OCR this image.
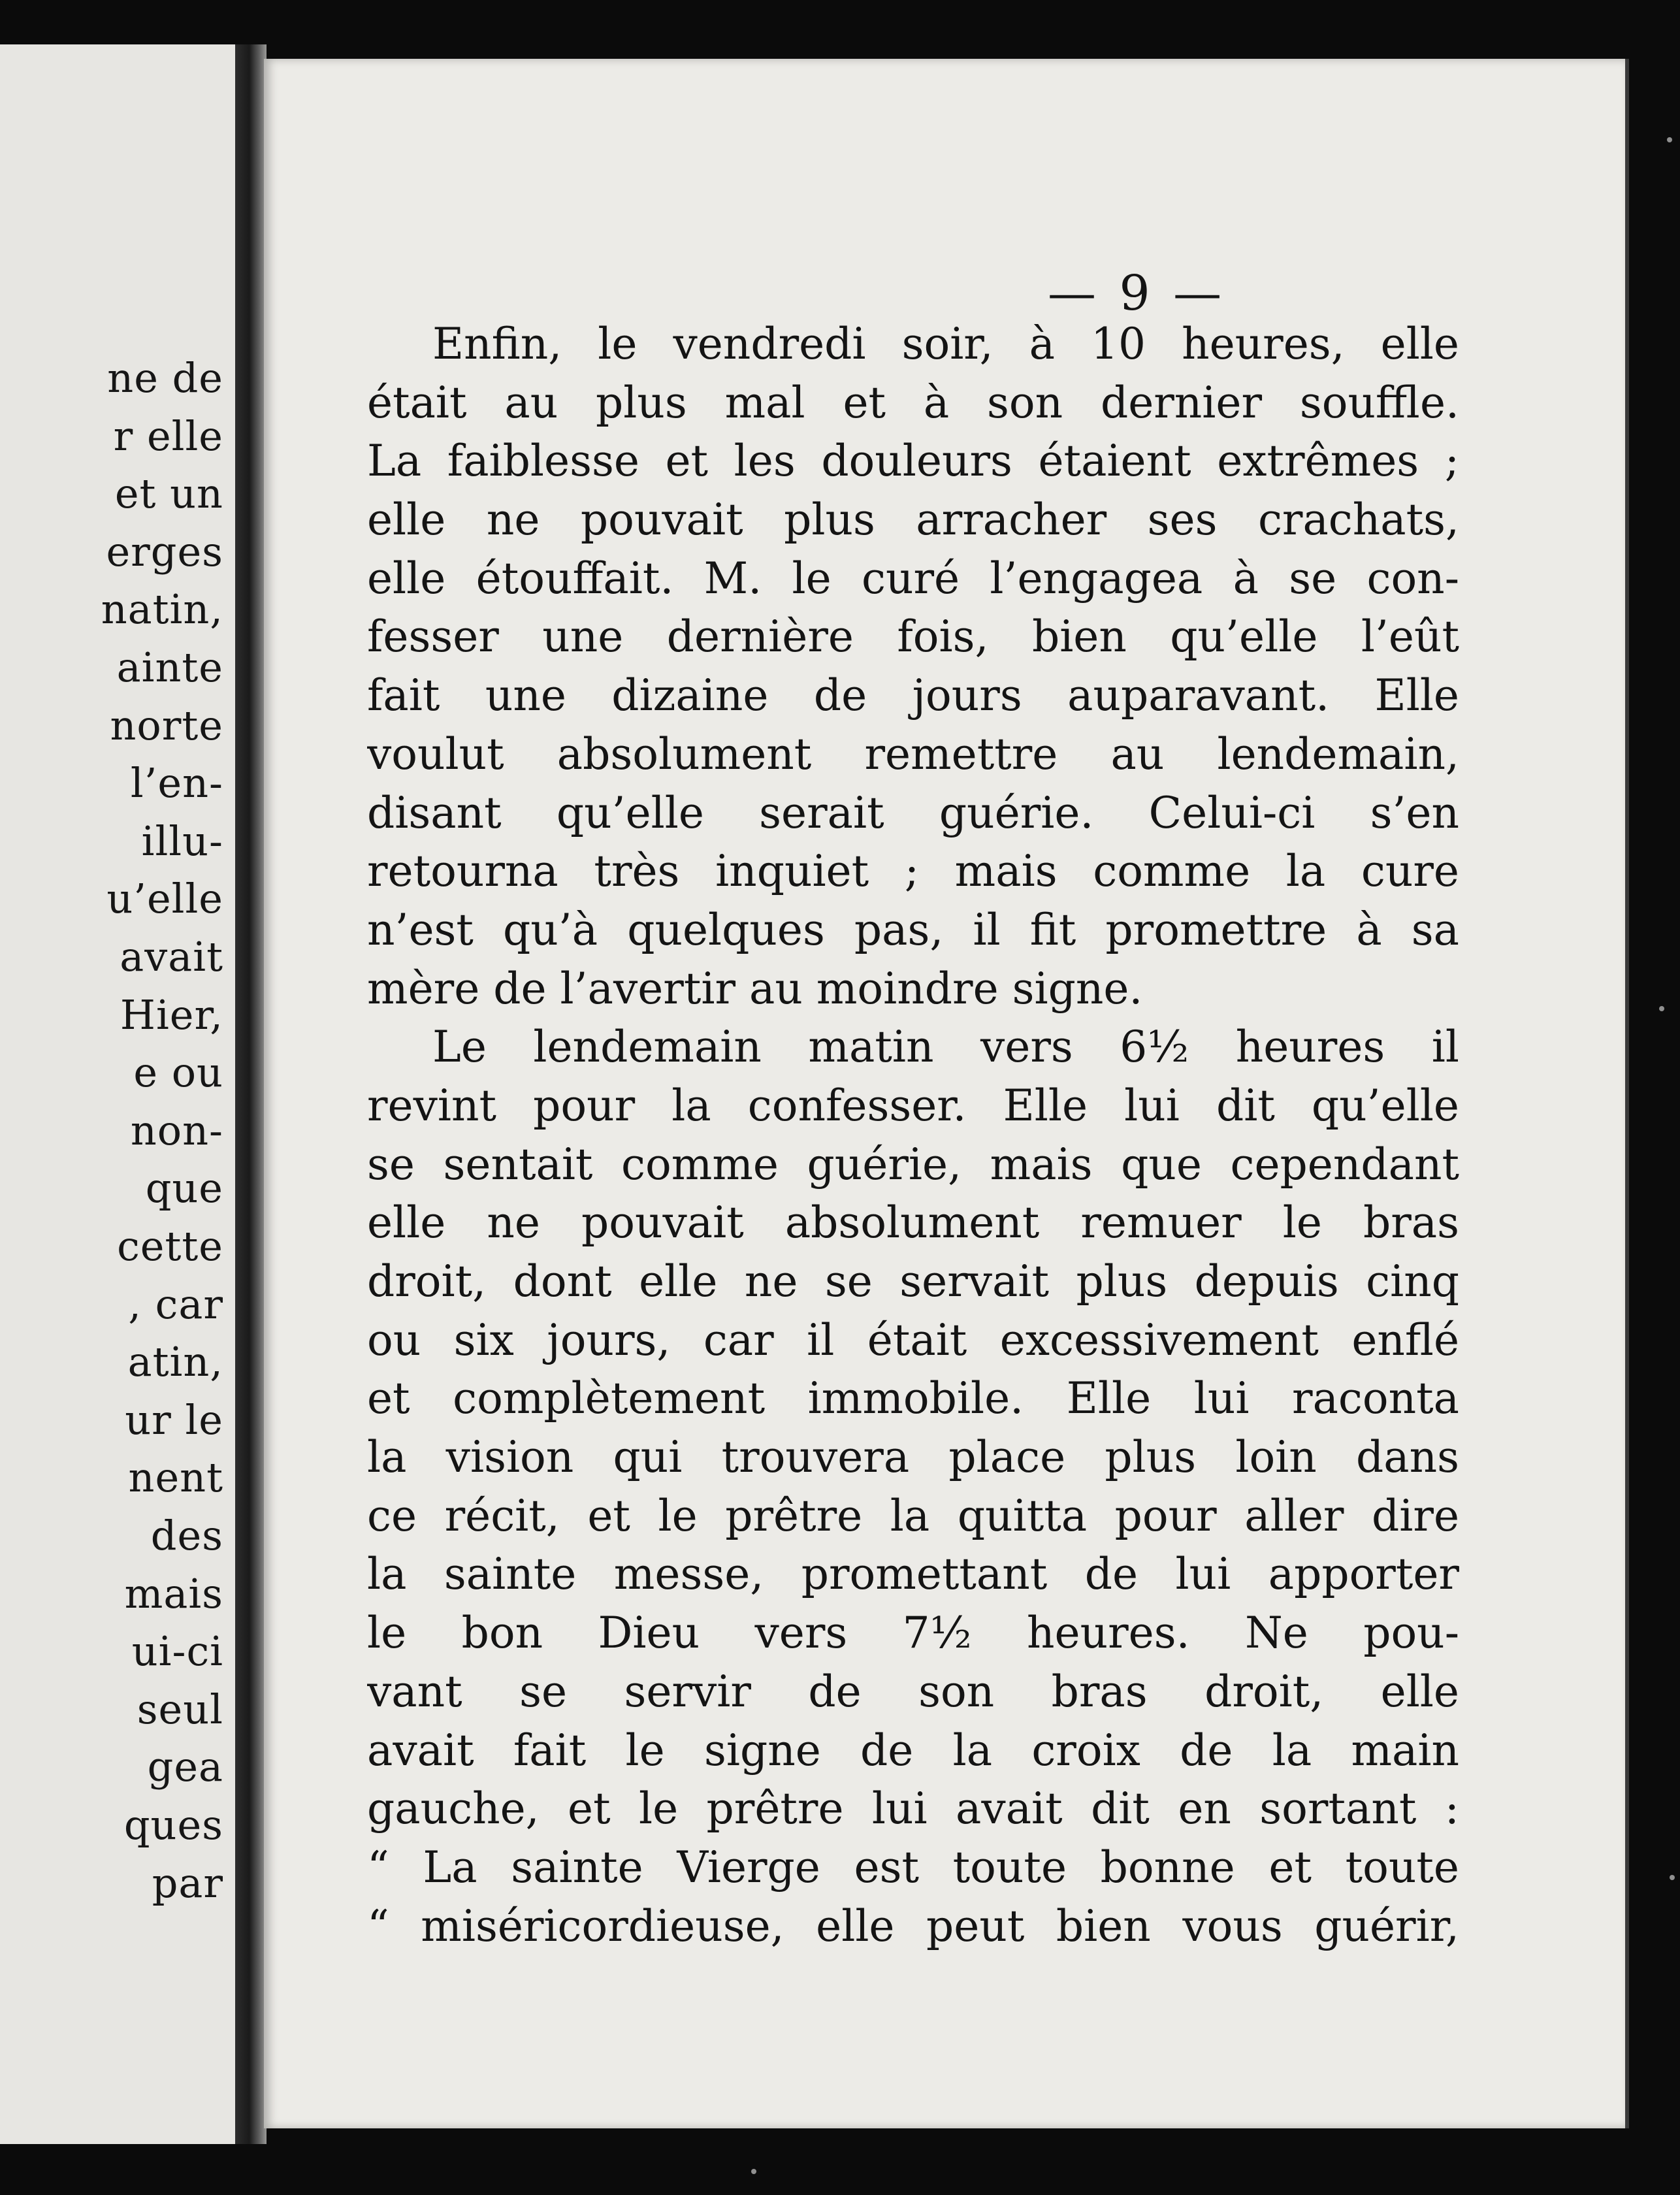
ne de
r elle
et un
erges
natin,
ainte
norte
l’en-
illu-
u’elle
avait
Hier,
e ou
non-
que
cette
, car
atin,
ur le
nent
des
mais
ui-ci
seul
gea
ques
par
— 9 —
Enfin, le vendredi soir, à 10 heures, elle
était au plus mal et à son dernier souffle.
La faiblesse et les douleurs étaient extrêmes ;
elle ne pouvait plus arracher ses crachats,
elle étouffait. M. le curé l’engagea à se con-
fesser une dernière fois, bien qu’elle l’eût
fait une dizaine de jours auparavant. Elle
voulut absolument remettre au lendemain,
disant qu’elle serait guérie. Celui-ci s’en
retourna très inquiet ; mais comme la cure
n’est qu’à quelques pas, il fit promettre à sa
mère de l’avertir au moindre signe.
Le lendemain matin vers 6½ heures il
revint pour la confesser. Elle lui dit qu’elle
se sentait comme guérie, mais que cependant
elle ne pouvait absolument remuer le bras
droit, dont elle ne se servait plus depuis cinq
ou six jours, car il était excessivement enflé
et complètement immobile. Elle lui raconta
la vision qui trouvera place plus loin dans
ce récit, et le prêtre la quitta pour aller dire
la sainte messe, promettant de lui apporter
le bon Dieu vers 7½ heures. Ne pou-
vant se servir de son bras droit, elle
avait fait le signe de la croix de la main
gauche, et le prêtre lui avait dit en sortant :
“ La sainte Vierge est toute bonne et toute
“ miséricordieuse, elle peut bien vous guérir,
